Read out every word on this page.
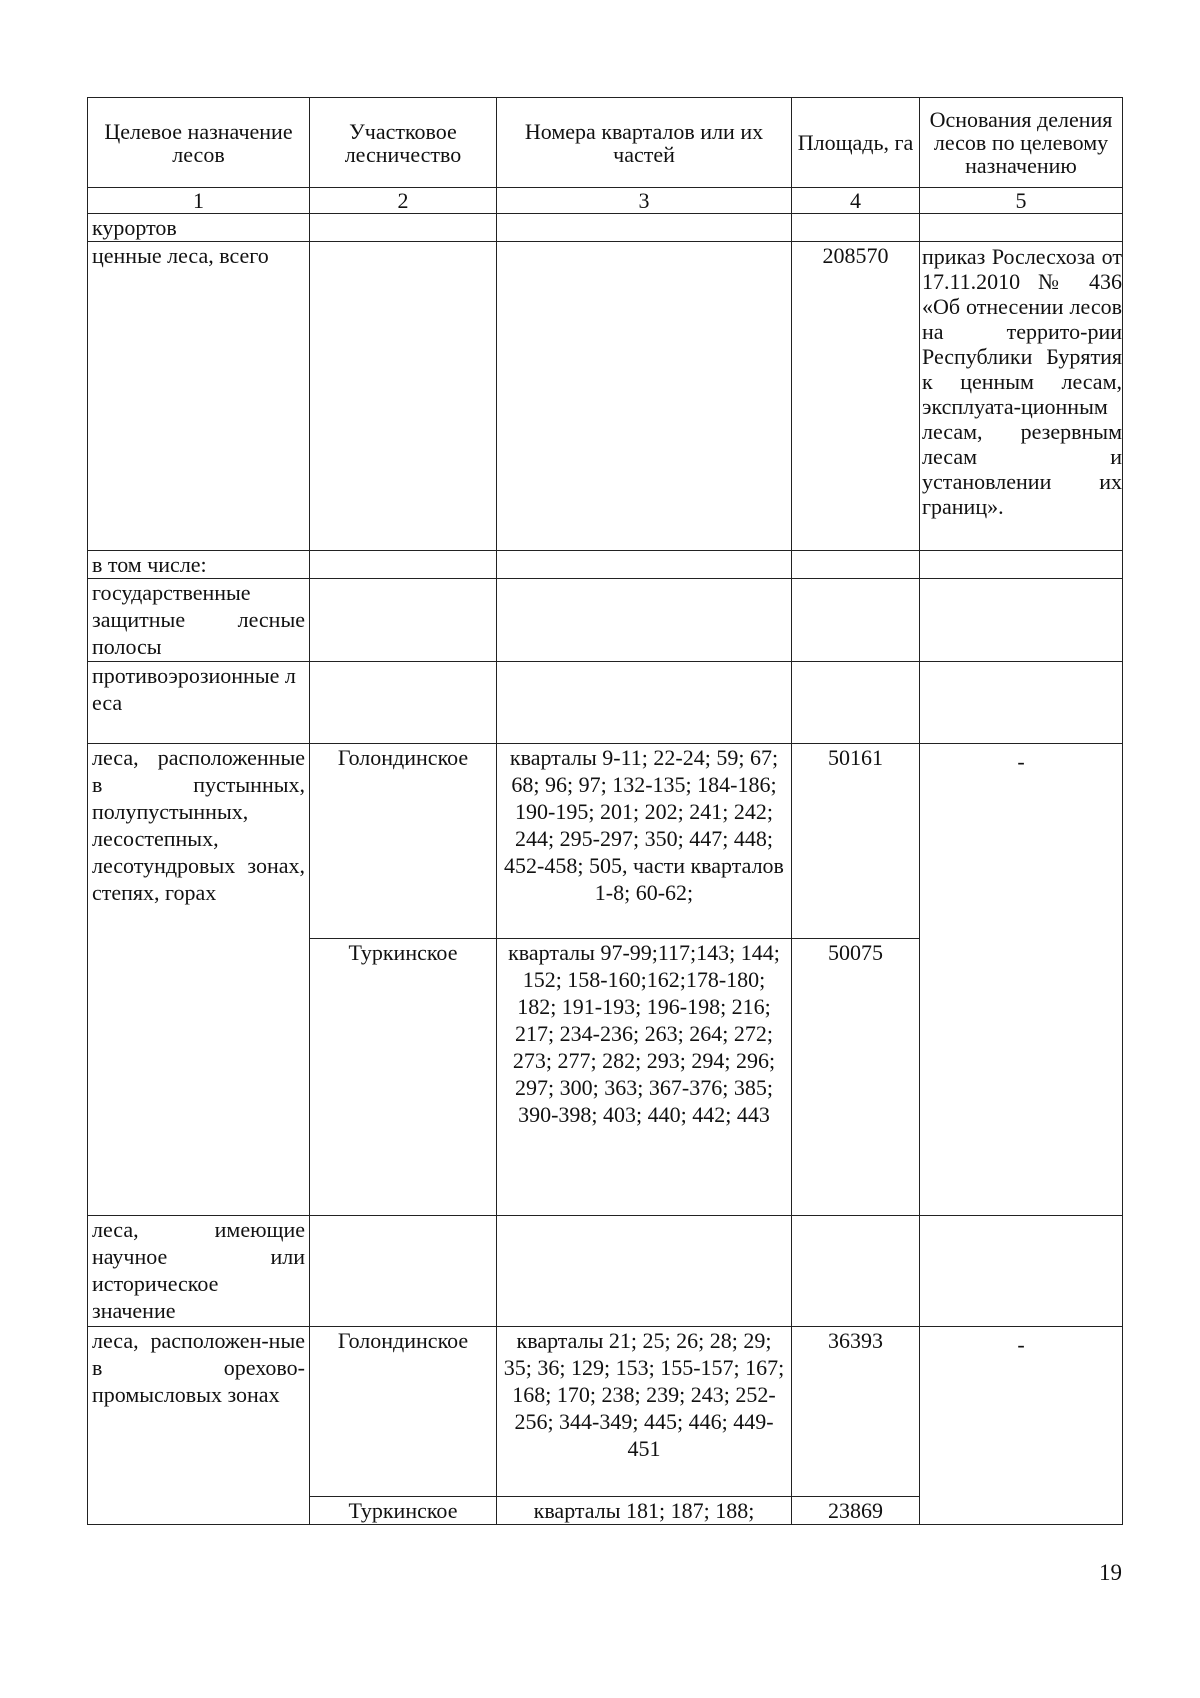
Целевое назначение лесов	Участковое лесничество	Номера кварталов или их частей	Площадь, га	Основания деления лесов по целевому назначению
1	2	3	4	5
курортов				
ценные леса, всего			208570	приказ Рослесхоза от 17.11.2010 № 436 «Об отнесении лесов на террито-рии Республики Бурятия к ценным лесам, эксплуата-ционным лесам, резервным лесам и установлении их границ».
в том числе:				
государственные защитные лесные полосы				
противоэрозионные леса				
леса, расположенные в пустынных, полупустынных, лесостепных, лесотундровых зонах, степях, горах	Голондинское	кварталы 9-11; 22-24; 59; 67; 68; 96; 97; 132-135; 184-186; 190-195; 201; 202; 241; 242; 244; 295-297; 350; 447; 448; 452-458; 505, части кварталов 1-8; 60-62;	50161	-
	Туркинское	кварталы 97-99;117;143; 144; 152; 158-160;162;178-180; 182; 191-193; 196-198; 216; 217; 234-236; 263; 264; 272; 273; 277; 282; 293; 294; 296; 297; 300; 363; 367-376; 385; 390-398; 403; 440; 442; 443	50075	
леса, имеющие научное или историческое значение				
леса, расположен-ные в орехово-промысловых зонах	Голондинское	кварталы 21; 25; 26; 28; 29; 35; 36; 129; 153; 155-157; 167; 168; 170; 238; 239; 243; 252-256; 344-349; 445; 446; 449-451	36393	-
	Туркинское	кварталы 181; 187; 188;	23869	
19
